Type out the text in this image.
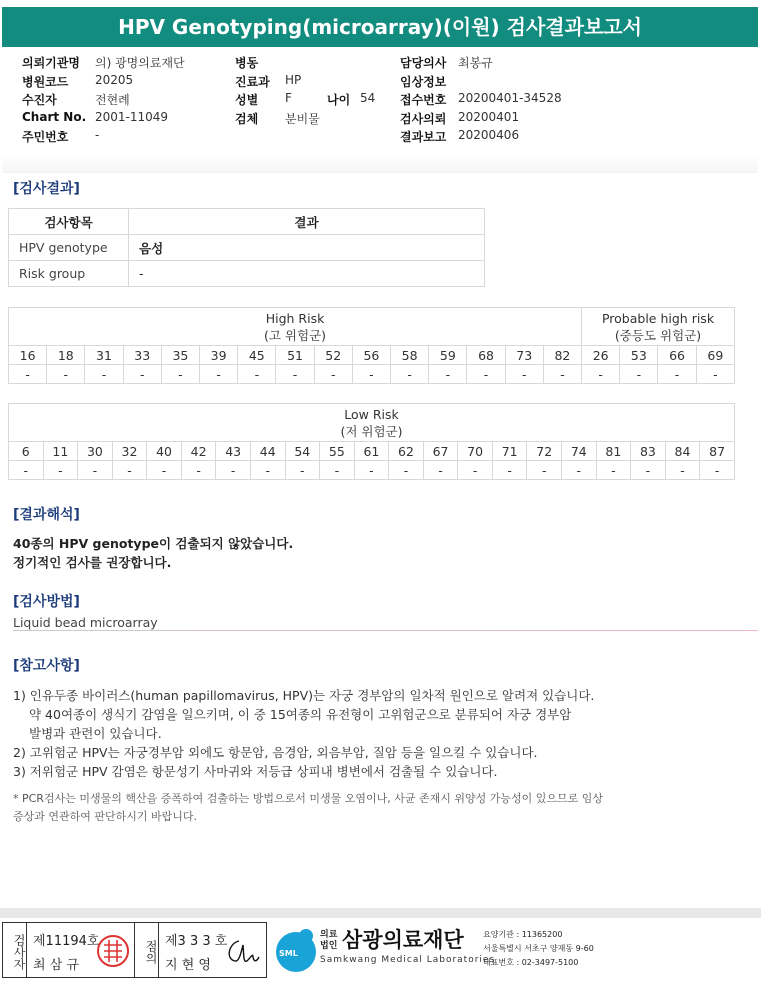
HPV Genotyping(microarray)(이원) 검사결과보고서
의뢰기관명 의) 광명의료재단	병동	담당의사 최봉규
병원코드 20205	진료과 HP	임상정보
수진자	전현례	성별 F	나이 54 접수번호 20200401-34528
Chart No. 2001-11049	검체 분비물	검사의뢰 20200401
주민번호 -	결과보고 20200406
[검사결과]
검사항목	결과
HPV genotype	음성
Risk group	-
High Risk
(고 위험군)															Probable high risk
(중등도 위험군)			
16	18	31	33	35	39	45	51	52	56	58	59	68	73	82	26	53	66	69
-	-	-	-	-	-	-	-	-	-	-	-	-	-	-	-	-	-	-
Low Risk
(저 위험군)																				
6	11	30	32	40	42	43	44	54	55	61	62	67	70	71	72	74	81	83	84	87
-	-	-	-	-	-	-	-	-	-	-	-	-	-	-	-	-	-	-	-	-
[결과해석]
40종의 HPV genotype이 검출되지 않았습니다.
정기적인 검사를 권장합니다.
[검사방법]
Liquid bead microarray
[참고사항]
1) 인유두종 바이러스(human papillomavirus, HPV)는 자궁 경부암의 일차적 원인으로 알려져 있습니다.
약 40여종이 생식기 감염을 일으키며, 이 중 15여종의 유전형이 고위험군으로 분류되어 자궁 경부암
발병과 관련이 있습니다.
2) 고위험군 HPV는 자궁경부암 외에도 항문암, 음경암, 외음부암, 질암 등을 일으킬 수 있습니다.
3) 저위험군 HPV 감염은 항문성기 사마귀와 저등급 상피내 병변에서 검출될 수 있습니다.
* PCR검사는 미생물의 핵산을 증폭하여 검출하는 방법으로서 미생물 오염이나, 사균 존재시 위양성 가능성이 있으므로 임상
증상과 연관하여 판단하시기 바랍니다.
검사자 제11194호
최 삼 규
점의 제3 3 3 호
지 현 영
SML
의료
법인 삼광의료재단
Samkwang Medical Laboratories
요양기관 : 11365200
서울특별시 서초구 양재동 9-60
대표번호 : 02-3497-5100
